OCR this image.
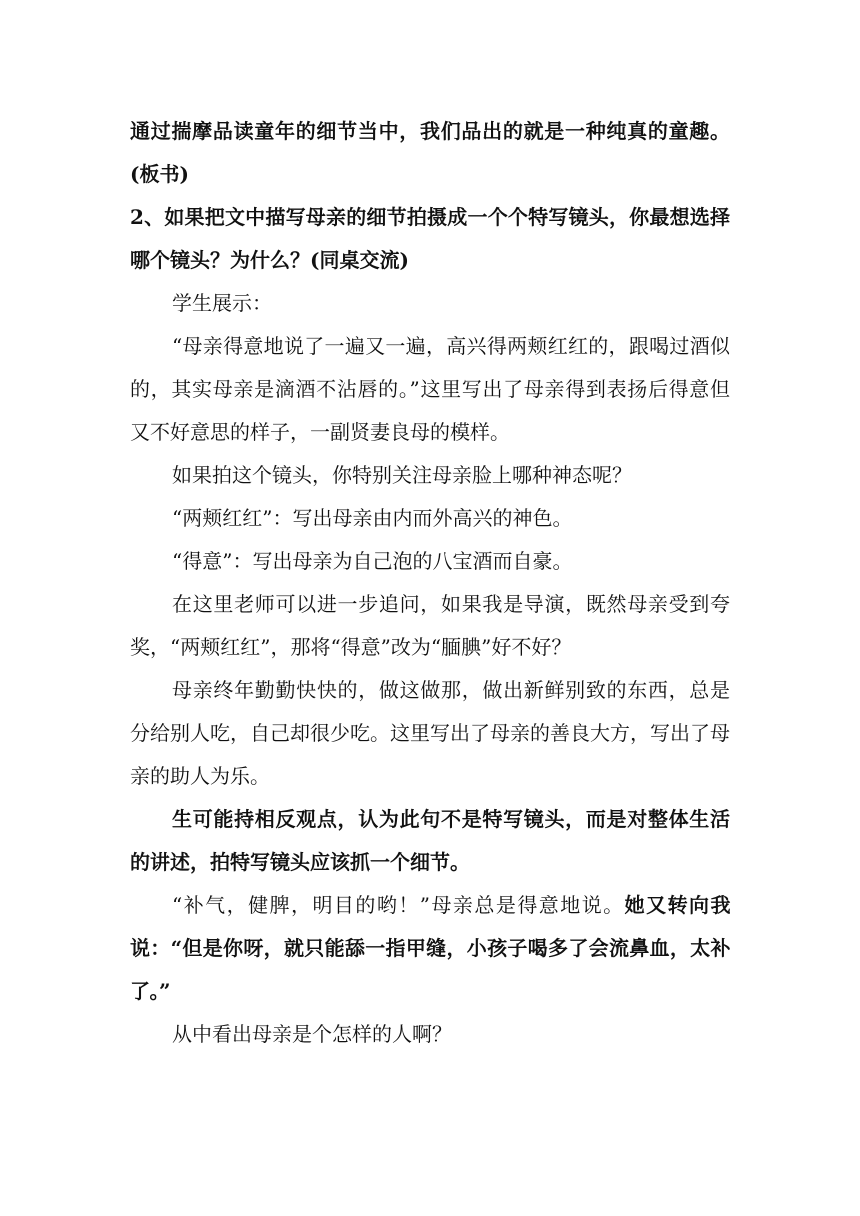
通过揣摩品读童年的细节当中，我们品出的就是一种纯真的童趣。(板书)

2、如果把文中描写母亲的细节拍摄成一个个特写镜头，你最想选择哪个镜头？为什么？(同桌交流)

学生展示：

“母亲得意地说了一遍又一遍，高兴得两颊红红的，跟喝过酒似的，其实母亲是滴酒不沾唇的。”这里写出了母亲得到表扬后得意但又不好意思的样子，一副贤妻良母的模样。

如果拍这个镜头，你特别关注母亲脸上哪种神态呢？

“两颊红红”：写出母亲由内而外高兴的神色。

“得意”：写出母亲为自己泡的八宝酒而自豪。

在这里老师可以进一步追问，如果我是导演，既然母亲受到夸奖，“两颊红红”，那将“得意”改为“腼腆”好不好？

母亲终年勤勤快快的，做这做那，做出新鲜别致的东西，总是分给别人吃，自己却很少吃。这里写出了母亲的善良大方，写出了母亲的助人为乐。

生可能持相反观点，认为此句不是特写镜头，而是对整体生活的讲述，拍特写镜头应该抓一个细节。

“补气，健脾，明目的哟！”母亲总是得意地说。她又转向我说：“但是你呀，就只能舔一指甲缝，小孩子喝多了会流鼻血，太补了。”

从中看出母亲是个怎样的人啊？
